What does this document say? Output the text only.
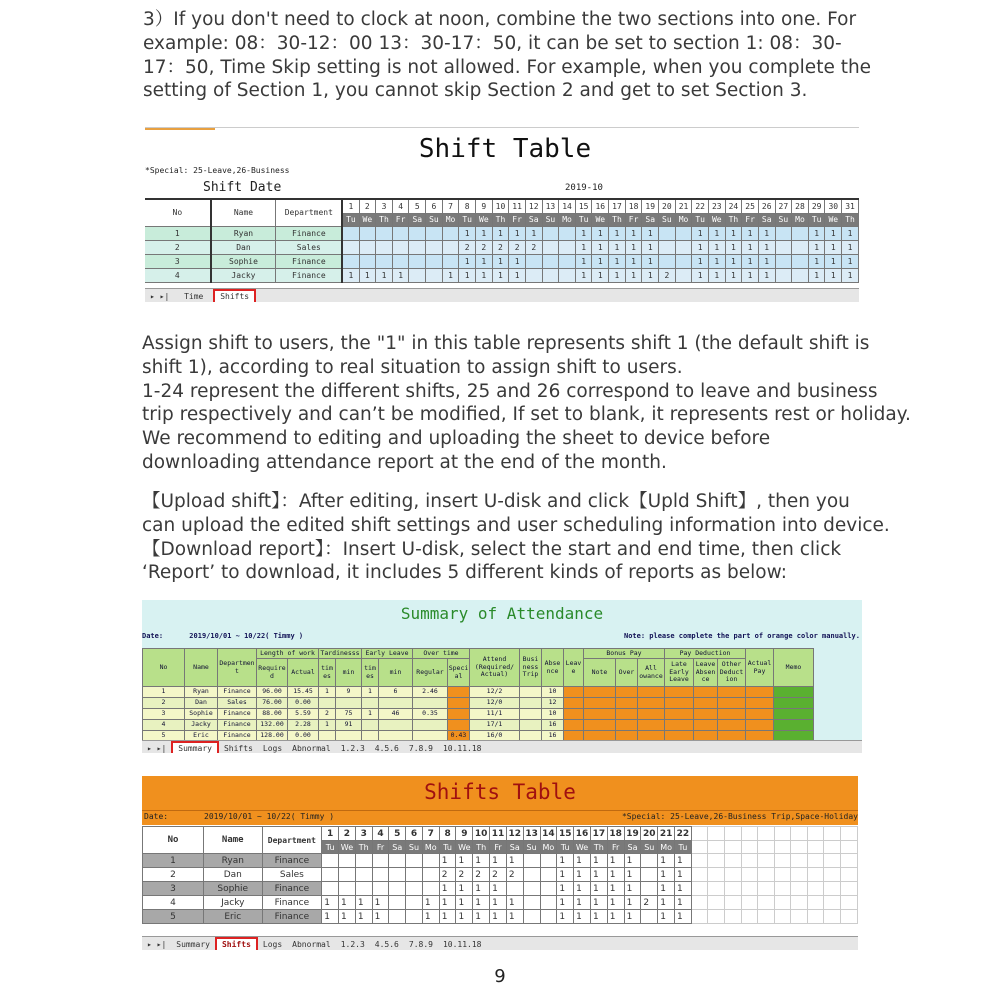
3）If you don't need to clock at noon, combine the two sections into one. For
example: 08：30-12：00 13：30-17：50, it can be set to section 1: 08：30-
17：50, Time Skip setting is not allowed. For example, when you complete the
setting of Section 1, you cannot skip Section 2 and get to set Section 3.
Shift Table
*Special: 25-Leave,26-Business
Shift Date	2019-10
No	Name	Department	1	2	3	4	5	6	7	8	9	10	11	12	13	14	15	16	17	18	19	20	21	22	23	24	25	26	27	28	29	30	31
			Tu	We	Th	Fr	Sa	Su	Mo	Tu	We	Th	Fr	Sa	Su	Mo	Tu	We	Th	Fr	Sa	Su	Mo	Tu	We	Th	Fr	Sa	Su	Mo	Tu	We	Th
1	Ryan	Finance								1	1	1	1	1			1	1	1	1	1			1	1	1	1	1			1	1	1
2	Dan	Sales								2	2	2	2	2			1	1	1	1	1			1	1	1	1	1			1	1	1
3	Sophie	Finance								1	1	1	1				1	1	1	1	1			1	1	1	1	1			1	1	1
4	Jacky	Finance	1	1	1	1			1	1	1	1	1				1	1	1	1	1	2		1	1	1	1	1			1	1	1
▸ ▸| Time Shifts
Assign shift to users, the "1" in this table represents shift 1 (the default shift is
shift 1), according to real situation to assign shift to users.
1-24 represent the different shifts, 25 and 26 correspond to leave and business
trip respectively and can’t be modified, If set to blank, it represents rest or holiday.
We recommend to editing and uploading the sheet to device before
downloading attendance report at the end of the month.
【Upload shift】：After editing, insert U-disk and click【Upld Shift】, then you
can upload the edited shift settings and user scheduling information into device.
【Download report】：Insert U-disk, select the start and end time, then click
‘Report’ to download, it includes 5 different kinds of reports as below:
Summary of Attendance
Date:	2019/10/01 ~ 10/22( Timmy )	Note: please complete the part of orange color manually.
No	Name	Departmen t	Length of work		Tardinesss		Early Leave		Over time		Attend (Required/ Actual)	Busi ness Trip	Abse nce	Leav e	Bonus Pay			Pay Deduction			Actual Pay	Memo
			Require d	Actual	tim es	min	tim es	min	Regular	Speci al					Note	Over	All owance	Late Early Leave	Leave Absen ce	Other Deduct ion		

1	Ryan	Finance	96.00	15.45	1	9	1	6	2.46		12/2		10									
2	Dan	Sales	76.00	0.00							12/0		12									
3	Sophie	Finance	88.00	5.59	2	75	1	46	0.35		11/1		10									
4	Jacky	Finance	132.00	2.28	1	91					17/1		16									
5	Eric	Finance	128.00	0.00						0.43	16/0		16									
▸ ▸| Summary Shifts Logs Abnormal 1.2.3 4.5.6 7.8.9 10.11.18
Shifts Table
Date:	2019/10/01 ~ 10/22( Timmy )	*Special: 25-Leave,26-Business Trip,Space-Holiday
No	Name	Department	1	2	3	4	5	6	7	8	9	10	11	12	13	14	15	16	17	18	19	20	21	22										
			Tu	We	Th	Fr	Sa	Su	Mo	Tu	We	Th	Fr	Sa	Su	Mo	Tu	We	Th	Fr	Sa	Su	Mo	Tu										
1	Ryan	Finance								1	1	1	1	1			1	1	1	1	1		1	1										
2	Dan	Sales								2	2	2	2	2			1	1	1	1	1		1	1										
3	Sophie	Finance								1	1	1	1				1	1	1	1	1		1	1										
4	Jacky	Finance	1	1	1	1			1	1	1	1	1	1			1	1	1	1	1	2	1	1										
5	Eric	Finance	1	1	1	1			1	1	1	1	1	1			1	1	1	1	1		1	1										
▸ ▸| Summary Shifts Logs Abnormal 1.2.3 4.5.6 7.8.9 10.11.18
9
